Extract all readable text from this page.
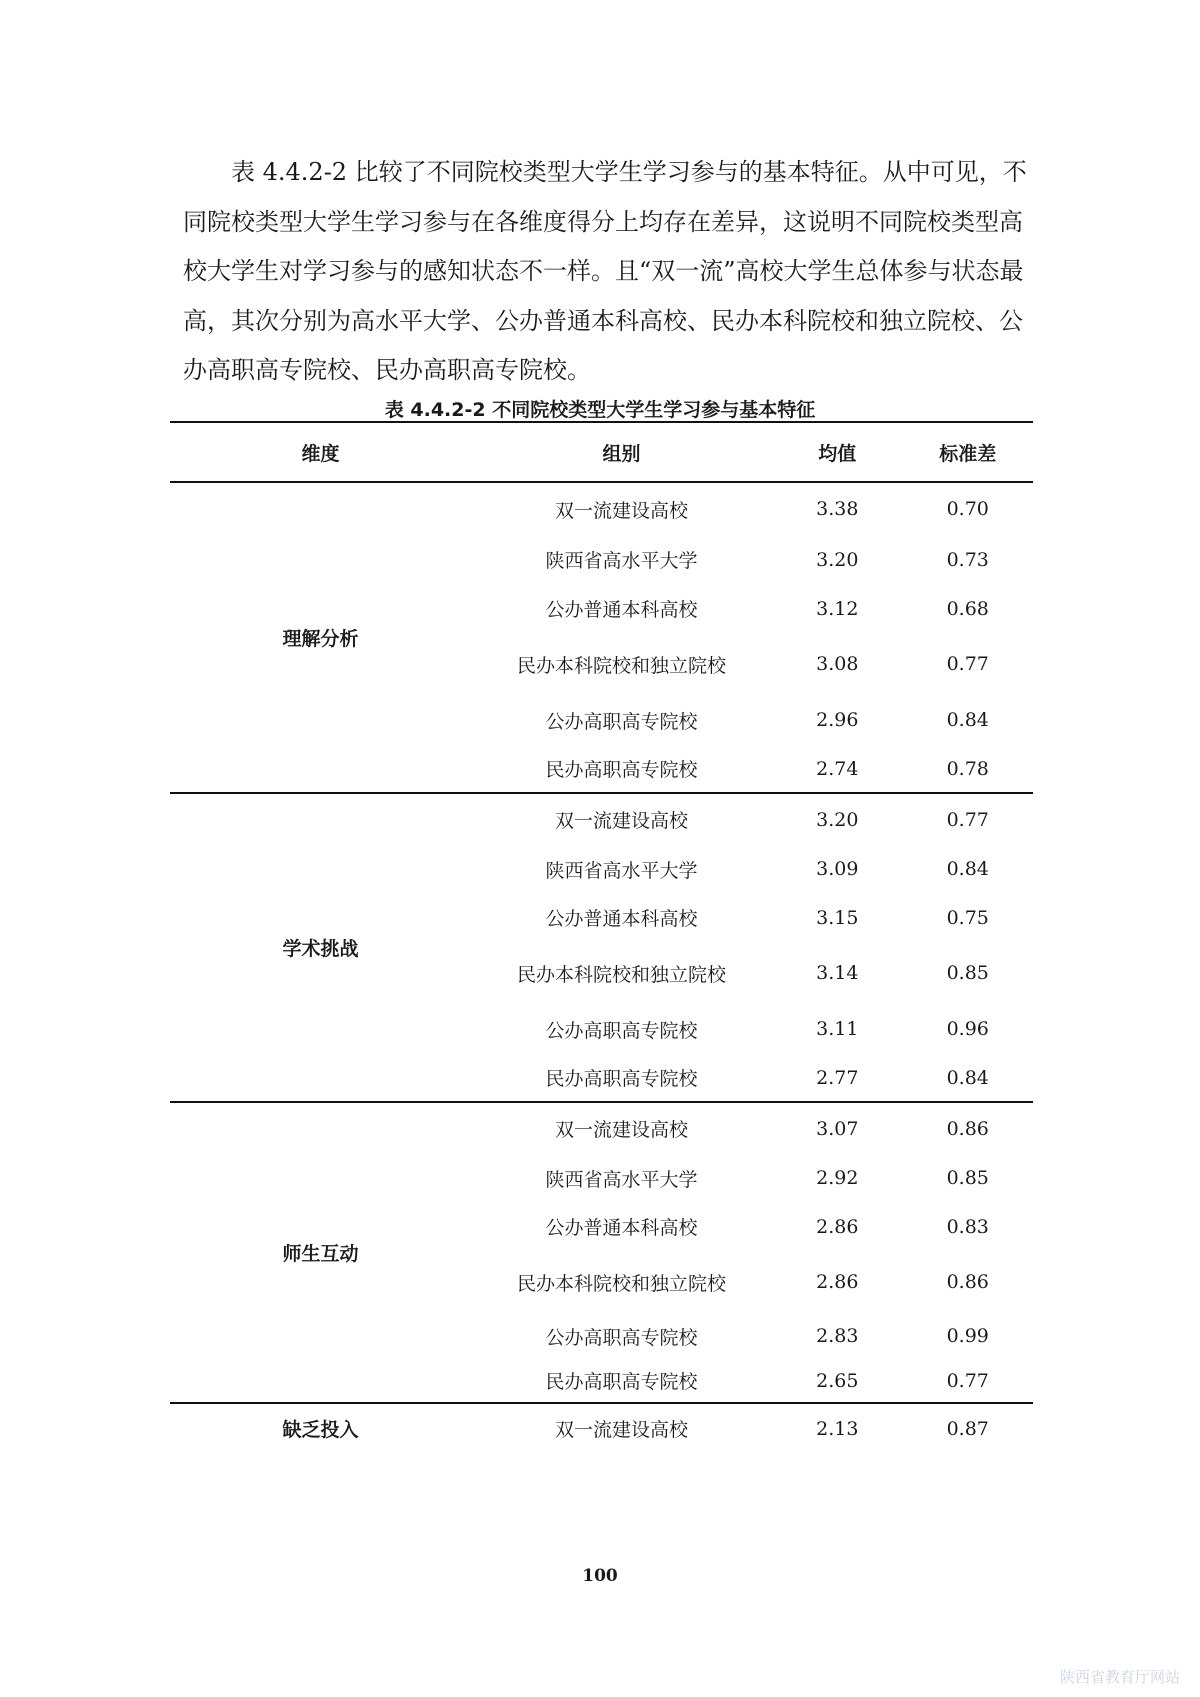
　　表 4.4.2-2 比较了不同院校类型大学生学习参与的基本特征。从中可见，不
同院校类型大学生学习参与在各维度得分上均存在差异，这说明不同院校类型高
校大学生对学习参与的感知状态不一样。且“双一流”高校大学生总体参与状态最
高，其次分别为高水平大学、公办普通本科高校、民办本科院校和独立院校、公
办高职高专院校、民办高职高专院校。
表 4.4.2-2 不同院校类型大学生学习参与基本特征
维度	组别	均值	标准差
理解分析	双一流建设高校	3.38	0.70
	陕西省高水平大学	3.20	0.73
	公办普通本科高校	3.12	0.68
	民办本科院校和独立院校	3.08	0.77
	公办高职高专院校	2.96	0.84
	民办高职高专院校	2.74	0.78
学术挑战	双一流建设高校	3.20	0.77
	陕西省高水平大学	3.09	0.84
	公办普通本科高校	3.15	0.75
	民办本科院校和独立院校	3.14	0.85
	公办高职高专院校	3.11	0.96
	民办高职高专院校	2.77	0.84
师生互动	双一流建设高校	3.07	0.86
	陕西省高水平大学	2.92	0.85
	公办普通本科高校	2.86	0.83
	民办本科院校和独立院校	2.86	0.86
	公办高职高专院校	2.83	0.99
	民办高职高专院校	2.65	0.77
缺乏投入	双一流建设高校	2.13	0.87
100
陕西省教育厅网站
